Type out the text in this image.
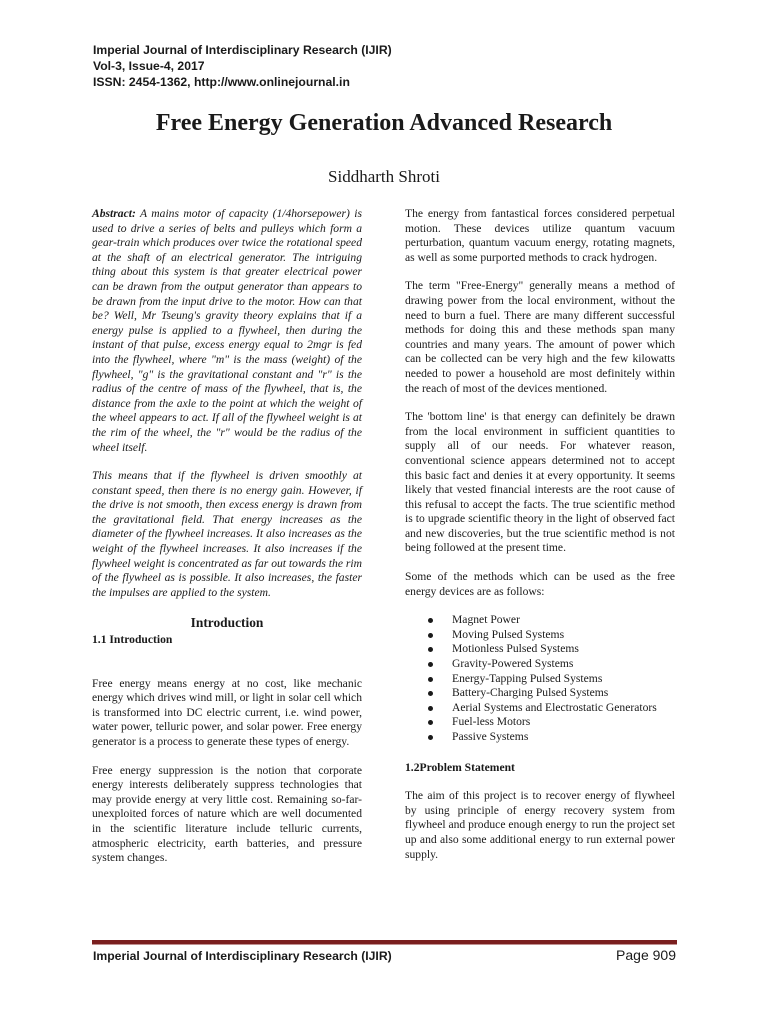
Imperial Journal of Interdisciplinary Research (IJIR)
Vol-3, Issue-4, 2017
ISSN: 2454-1362, http://www.onlinejournal.in
Free Energy Generation Advanced Research
Siddharth Shroti

Abstract: A mains motor of capacity (1/4horsepower) is used to drive a series of belts and pulleys which form a gear-train which produces over twice the rotational speed at the shaft of an electrical generator. The intriguing thing about this system is that greater electrical power can be drawn from the output generator than appears to be drawn from the input drive to the motor. How can that be? Well, Mr Tseung's gravity theory explains that if a energy pulse is applied to a flywheel, then during the instant of that pulse, excess energy equal to 2mgr is fed into the flywheel, where "m" is the mass (weight) of the flywheel, "g" is the gravitational constant and "r" is the radius of the centre of mass of the flywheel, that is, the distance from the axle to the point at which the weight of the wheel appears to act. If all of the flywheel weight is at the rim of the wheel, the "r" would be the radius of the wheel itself.

This means that if the flywheel is driven smoothly at constant speed, then there is no energy gain. However, if the drive is not smooth, then excess energy is drawn from the gravitational field. That energy increases as the diameter of the flywheel increases. It also increases as the weight of the flywheel increases. It also increases if the flywheel weight is concentrated as far out towards the rim of the flywheel as is possible. It also increases, the faster the impulses are applied to the system.

Introduction
1.1 Introduction

Free energy means energy at no cost, like mechanic energy which drives wind mill, or light in solar cell which is transformed into DC electric current, i.e. wind power, water power, telluric power, and solar power. Free energy generator is a process to generate these types of energy.

Free energy suppression is the notion that corporate energy interests deliberately suppress technologies that may provide energy at very little cost. Remaining so-far-unexploited forces of nature which are well documented in the scientific literature include telluric currents, atmospheric electricity, earth batteries, and pressure system changes.

The energy from fantastical forces considered perpetual motion. These devices utilize quantum vacuum perturbation, quantum vacuum energy, rotating magnets, as well as some purported methods to crack hydrogen.

The term "Free-Energy" generally means a method of drawing power from the local environment, without the need to burn a fuel. There are many different successful methods for doing this and these methods span many countries and many years. The amount of power which can be collected can be very high and the few kilowatts needed to power a household are most definitely within the reach of most of the devices mentioned.

The 'bottom line' is that energy can definitely be drawn from the local environment in sufficient quantities to supply all of our needs. For whatever reason, conventional science appears determined not to accept this basic fact and denies it at every opportunity. It seems likely that vested financial interests are the root cause of this refusal to accept the facts. The true scientific method is to upgrade scientific theory in the light of observed fact and new discoveries, but the true scientific method is not being followed at the present time.

Some of the methods which can be used as the free energy devices are as follows:

Magnet Power
Moving Pulsed Systems
Motionless Pulsed Systems
Gravity-Powered Systems
Energy-Tapping Pulsed Systems
Battery-Charging Pulsed Systems
Aerial Systems and Electrostatic Generators
Fuel-less Motors
Passive Systems
1.2Problem Statement

The aim of this project is to recover energy of flywheel by using principle of energy recovery system from flywheel and produce enough energy to run the project set up and also some additional energy to run external power supply.

Imperial Journal of Interdisciplinary Research (IJIR)	Page 909
